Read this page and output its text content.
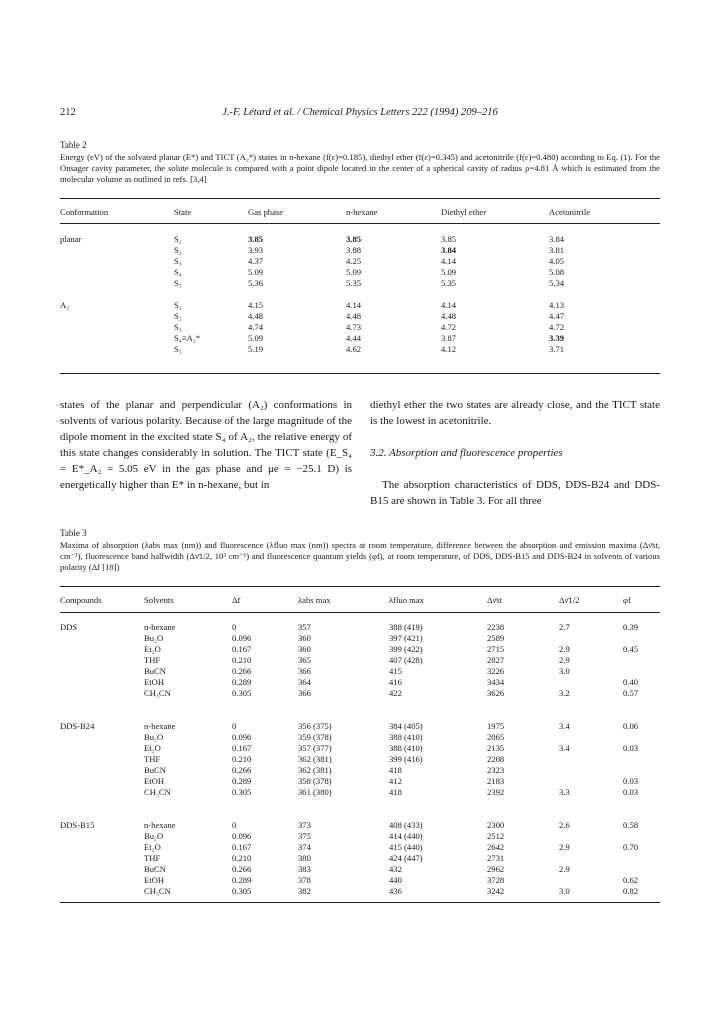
212	J.-F. Létard et al. / Chemical Physics Letters 222 (1994) 209–216
Table 2
Energy (eV) of the solvated planar (E*) and TICT (A₂*) states in n-hexane (f(ε)=0.185), diethyl ether (f(ε)=0.345) and acetonitrile (f(ε)=0.480) according to Eq. (1). For the Onsager cavity parameter, the solute molecule is compared with a point dipole located in the center of a spherical cavity of radius ρ=4.81 Å which is estimated from the molecular volume as outlined in refs. [3,4]
Conformation	State	Gas phase	n-hexane	Diethyl ether	Acetonitrile

planar	S₁	3.85	3.85	3.85	3.84
	S₂	3.93	3.88	3.84	3.81
	S₃	4.37	4.25	4.14	4.05
	S₄	5.09	5.09	5.09	5.08
	S₅	5.36	5.35	5.35	5.34

A₂	S₁	4.15	4.14	4.14	4.13
	S₂	4.48	4.48	4.48	4.47
	S₃	4.74	4.73	4.72	4.72
	S₄≡A₂*	5.09	4.44	3.87	3.39
	S₅	5.19	4.62	4.12	3.71
states of the planar and perpendicular (A₂) conformations in solvents of various polarity. Because of the large magnitude of the dipole moment in the excited state S₄ of A₂, the relative energy of this state changes considerably in solution. The TICT state (E_S₄ = E*_A₂ = 5.05 eV in the gas phase and μe = −25.1 D) is energetically higher than E* in n-hexane, but in
diethyl ether the two states are already close, and the TICT state is the lowest in acetonitrile.
3.2. Absorption and fluorescence properties
The absorption characteristics of DDS, DDS-B24 and DDS-B15 are shown in Table 3. For all three
Table 3
Maxima of absorption (λabs max (nm)) and fluorescence (λfluo max (nm)) spectra at room temperature, difference between the absorption and emission maxima (Δν̄st, cm⁻¹), fluorescence band halfwidth (Δν̄1/2, 10³ cm⁻¹) and fluorescence quantum yields (φf), at room temperature, of DDS, DDS-B15 and DDS-B24 in solvents of various polarity (Δf [18])
Compounds	Solvents	Δf	λabs max	λfluo max	Δν̄st	Δν̄1/2	φf

DDS	n-hexane	0	357	388 (419)	2238	2.7	0.39
	Bu₂O	0.096	360	397 (421)	2589		
	Et₂O	0.167	360	399 (422)	2715	2.9	0.45
	THF	0.210	365	407 (428)	2827	2.9	
	BuCN	0.266	366	415	3226	3.0	
	EtOH	0.289	364	416	3434		0.40
	CH₃CN	0.305	366	422	3626	3.2	0.57

DDS-B24	n-hexane	0	356 (375)	384 (405)	1975	3.4	0.06
	Bu₂O	0.096	359 (378)	388 (410)	2065		
	Et₂O	0.167	357 (377)	388 (410)	2135	3.4	0.03
	THF	0.210	362 (381)	399 (416)	2208		
	BuCN	0.266	362 (381)	418	2323		
	EtOH	0.289	358 (378)	412	2183		0.03
	CH₃CN	0.305	361 (380)	418	2392	3.3	0.03

DDS-B15	n-hexane	0	373	408 (433)	2300	2.6	0.58
	Bu₂O	0.096	375	414 (440)	2512		
	Et₂O	0.167	374	415 (440)	2642	2.9	0.70
	THF	0.210	380	424 (447)	2731		
	BuCN	0.266	383	432	2962	2.9	
	EtOH	0.289	378	440	3728		0.62
	CH₃CN	0.305	382	436	3242	3.0	0.82
